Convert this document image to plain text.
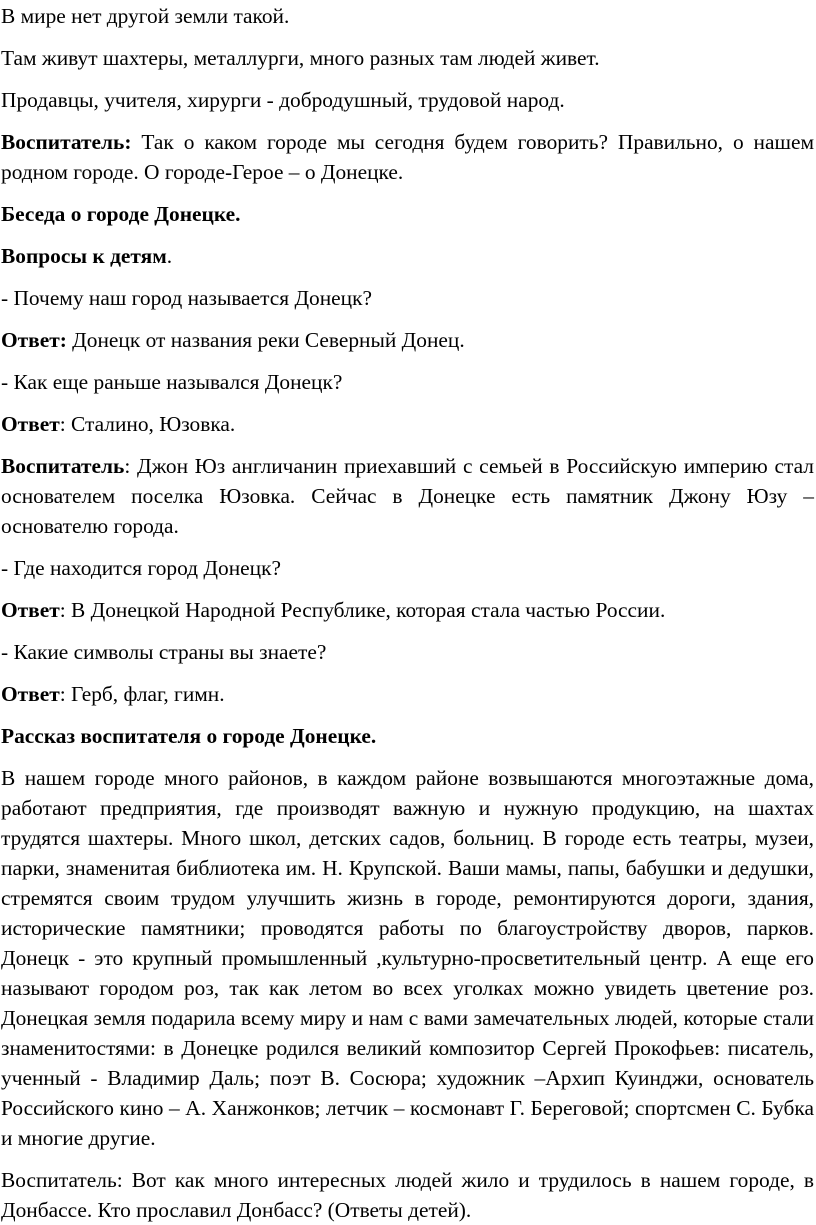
В мире нет другой земли такой.

Там живут шахтеры, металлурги, много разных там людей живет.

Продавцы, учителя, хирурги - добродушный, трудовой народ.

Воспитатель: Так о каком городе мы сегодня будем говорить? Правильно, о нашем родном городе. О городе-Герое – о Донецке.

Беседа о городе Донецке.

Вопросы к детям.

- Почему наш город называется Донецк?

Ответ: Донецк от названия реки Северный Донец.

- Как еще раньше назывался Донецк?

Ответ: Сталино, Юзовка.

Воспитатель: Джон Юз англичанин приехавший с семьей в Российскую империю стал основателем поселка Юзовка. Сейчас в Донецке есть памятник Джону Юзу – основателю города.

- Где находится город Донецк?

Ответ: В Донецкой Народной Республике, которая стала частью России.

- Какие символы страны вы знаете?

Ответ: Герб, флаг, гимн.

Рассказ воспитателя о городе Донецке.

В нашем городе много районов, в каждом районе возвышаются многоэтажные дома, работают предприятия, где производят важную и нужную продукцию, на шахтах трудятся шахтеры. Много школ, детских садов, больниц. В городе есть театры, музеи, парки, знаменитая библиотека им. Н. Крупской. Ваши мамы, папы, бабушки и дедушки, стремятся своим трудом улучшить жизнь в городе, ремонтируются дороги, здания, исторические памятники; проводятся работы по благоустройству дворов, парков. Донецк - это крупный промышленный ,культурно-просветительный центр. А еще его называют городом роз, так как летом во всех уголках можно увидеть цветение роз. Донецкая земля подарила всему миру и нам с вами замечательных людей, которые стали знаменитостями: в Донецке родился великий композитор Сергей Прокофьев: писатель, ученный - Владимир Даль; поэт В. Сосюра; художник –Архип Куинджи, основатель Российского кино – А. Ханжонков; летчик – космонавт Г. Береговой; спортсмен С. Бубка и многие другие.

Воспитатель: Вот как много интересных людей жило и трудилось в нашем городе, в Донбассе. Кто прославил Донбасс? (Ответы детей).
